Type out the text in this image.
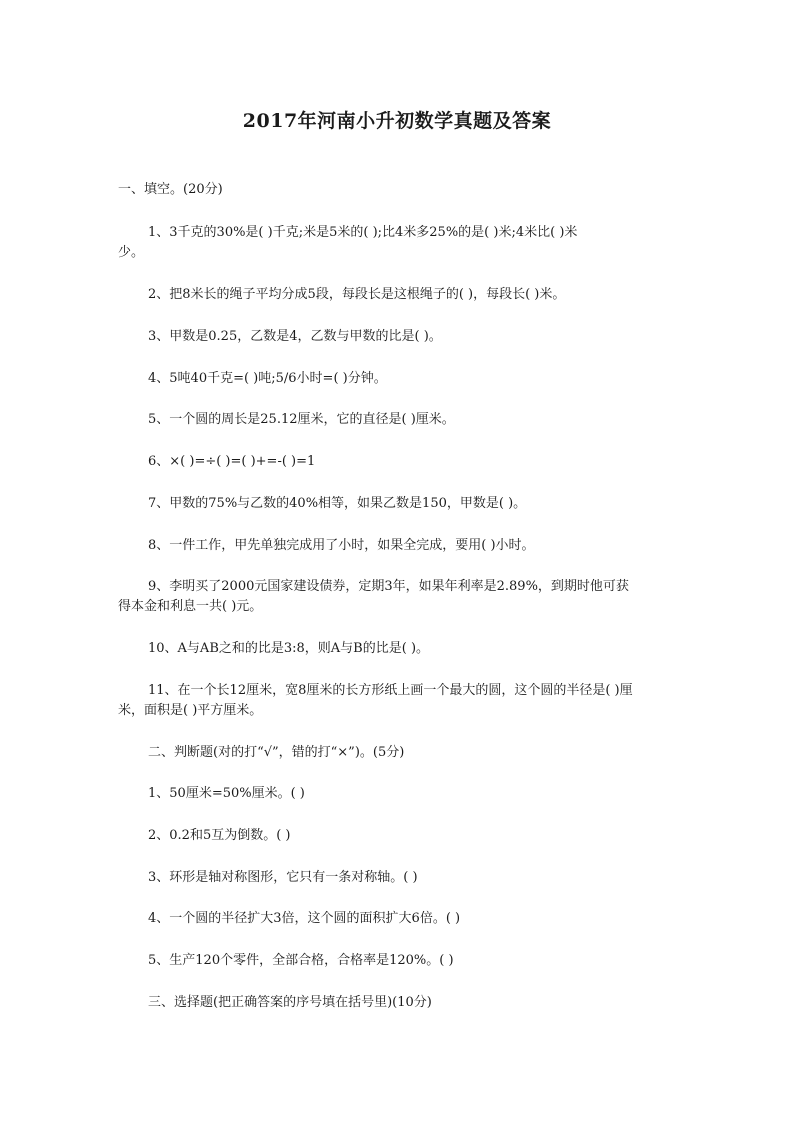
2017年河南小升初数学真题及答案
一、填空。(20分)
1、3千克的30%是( )千克;米是5米的( );比4米多25%的是( )米;4米比( )米
少。
2、把8米长的绳子平均分成5段，每段长是这根绳子的( )，每段长( )米。
3、甲数是0.25，乙数是4，乙数与甲数的比是( )。
4、5吨40千克=( )吨;5/6小时=( )分钟。
5、一个圆的周长是25.12厘米，它的直径是( )厘米。
6、×( )=÷( )=( )+=-( )=1
7、甲数的75%与乙数的40%相等，如果乙数是150，甲数是( )。
8、一件工作，甲先单独完成用了小时，如果全完成，要用( )小时。
9、李明买了2000元国家建设债券，定期3年，如果年利率是2.89%，到期时他可获
得本金和利息一共( )元。
10、A与AB之和的比是3:8，则A与B的比是( )。
11、在一个长12厘米，宽8厘米的长方形纸上画一个最大的圆，这个圆的半径是( )厘
米，面积是( )平方厘米。
二、判断题(对的打“√”，错的打“×”)。(5分)
1、50厘米=50%厘米。( )
2、0.2和5互为倒数。( )
3、环形是轴对称图形，它只有一条对称轴。( )
4、一个圆的半径扩大3倍，这个圆的面积扩大6倍。( )
5、生产120个零件，全部合格，合格率是120%。( )
三、选择题(把正确答案的序号填在括号里)(10分)
